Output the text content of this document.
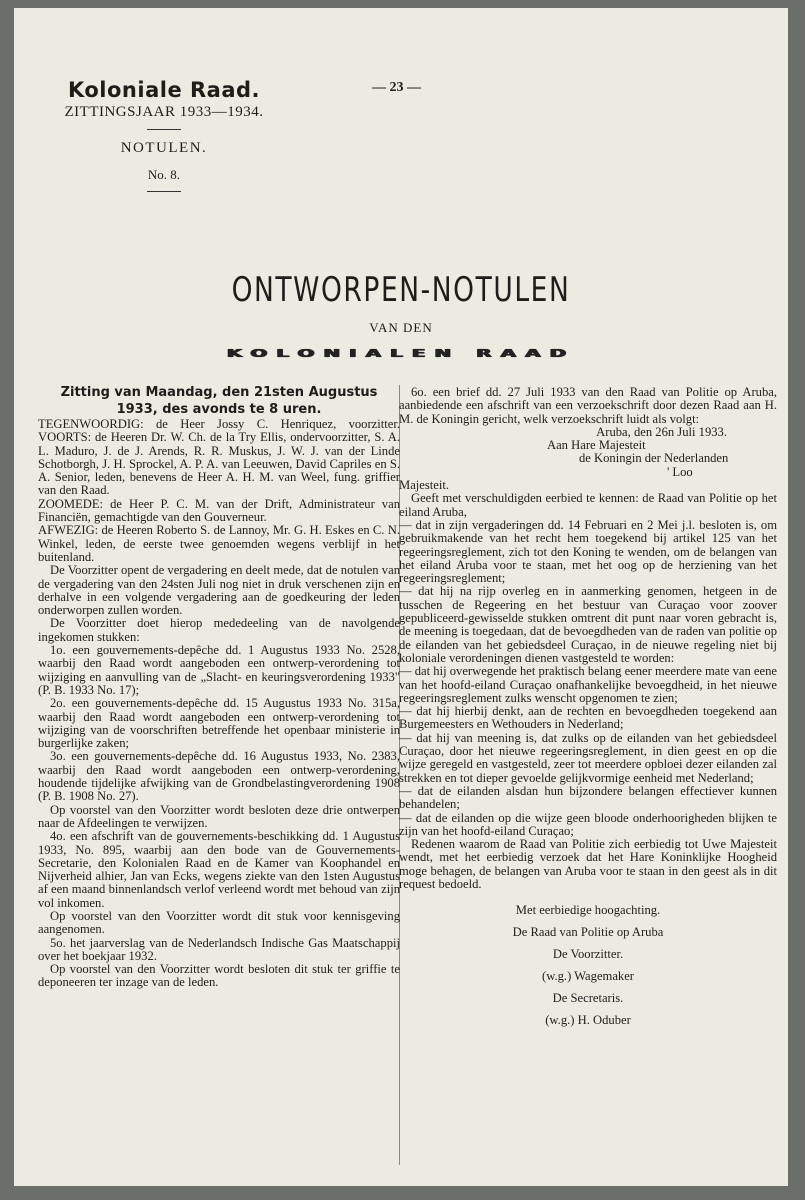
Koloniale Raad.
ZITTINGSJAAR 1933—1934.
NOTULEN.
No. 8.
— 23 —
ONTWORPEN-NOTULEN
VAN DEN
KOLONIALEN RAAD

Zitting van Maandag, den 21sten Augustus 1933, des avonds te 8 uren.

TEGENWOORDIG: de Heer Jossy C. Henriquez, voorzitter. VOORTS: de Heeren Dr. W. Ch. de la Try Ellis, ondervoorzitter, S. A. L. Maduro, J. de J. Arends, R. R. Muskus, J. W. J. van der Linde Schotborgh, J. H. Sprockel, A. P. A. van Leeuwen, David Capriles en S. A. Senior, leden, benevens de Heer A. H. M. van Weel, fung. griffier van den Raad.

ZOOMEDE: de Heer P. C. M. van der Drift, Administrateur van Financiën, gemachtigde van den Gouverneur.

AFWEZIG: de Heeren Roberto S. de Lannoy, Mr. G. H. Eskes en C. N. Winkel, leden, de eerste twee genoemden wegens verblijf in het buitenland.

De Voorzitter opent de vergadering en deelt mede, dat de notulen van de vergadering van den 24sten Juli nog niet in druk verschenen zijn en derhalve in een volgende vergadering aan de goedkeuring der leden onderworpen zullen worden.

De Voorzitter doet hierop mededeeling van de navolgende ingekomen stukken:

1o. een gouvernements-depêche dd. 1 Augustus 1933 No. 2528, waarbij den Raad wordt aangeboden een ontwerp-verordening tot wijziging en aanvulling van de „Slacht- en keuringsverordening 1933" (P. B. 1933 No. 17);

2o. een gouvernements-depêche dd. 15 Augustus 1933 No. 315a, waarbij den Raad wordt aangeboden een ontwerp-verordening tot wijziging van de voorschriften betreffende het openbaar ministerie in burgerlijke zaken;

3o. een gouvernements-depêche dd. 16 Augustus 1933, No. 2383, waarbij den Raad wordt aangeboden een ontwerp-verordening, houdende tijdelijke afwijking van de Grondbelastingverordening 1908 (P. B. 1908 No. 27).

Op voorstel van den Voorzitter wordt besloten deze drie ontwerpen naar de Afdeelingen te verwijzen.

4o. een afschrift van de gouvernements-beschikking dd. 1 Augustus 1933, No. 895, waarbij aan den bode van de Gouvernements-Secretarie, den Kolonialen Raad en de Kamer van Koophandel en Nijverheid alhier, Jan van Ecks, wegens ziekte van den 1sten Augustus af een maand binnenlandsch verlof verleend wordt met behoud van zijn vol inkomen.

Op voorstel van den Voorzitter wordt dit stuk voor kennisgeving aangenomen.

5o. het jaarverslag van de Nederlandsch Indische Gas Maatschappij over het boekjaar 1932.

Op voorstel van den Voorzitter wordt besloten dit stuk ter griffie te deponeeren ter inzage van de leden.

6o. een brief dd. 27 Juli 1933 van den Raad van Politie op Aruba, aanbiedende een afschrift van een verzoekschrift door dezen Raad aan H. M. de Koningin gericht, welk verzoekschrift luidt als volgt:

Aruba, den 26n Juli 1933.

Aan Hare Majesteit

de Koningin der Nederlanden

' Loo

Majesteit.

Geeft met verschuldigden eerbied te kennen: de Raad van Politie op het eiland Aruba,

— dat in zijn vergaderingen dd. 14 Februari en 2 Mei j.l. besloten is, om gebruikmakende van het recht hem toegekend bij artikel 125 van het regeeringsreglement, zich tot den Koning te wenden, om de belangen van het eiland Aruba voor te staan, met het oog op de herziening van het regeeringsreglement;

— dat hij na rijp overleg en in aanmerking genomen, hetgeen in de tusschen de Regeering en het bestuur van Curaçao voor zoover gepubliceerd-gewisselde stukken omtrent dit punt naar voren gebracht is, de meening is toegedaan, dat de bevoegdheden van de raden van politie op de eilanden van het gebiedsdeel Curaçao, in de nieuwe regeling niet bij koloniale verordeningen dienen vastgesteld te worden:

— dat hij overwegende het praktisch belang eener meerdere mate van eene van het hoofd-eiland Curaçao onafhankelijke bevoegdheid, in het nieuwe regeeringsreglement zulks wenscht opgenomen te zien;

— dat hij hierbij denkt, aan de rechten en bevoegdheden toegekend aan Burgemeesters en Wethouders in Nederland;

— dat hij van meening is, dat zulks op de eilanden van het gebiedsdeel Curaçao, door het nieuwe regeeringsreglement, in dien geest en op die wijze geregeld en vastgesteld, zeer tot meerdere opbloei dezer eilanden zal strekken en tot dieper gevoelde gelijkvormige eenheid met Nederland;

— dat de eilanden alsdan hun bijzondere belangen effectiever kunnen behandelen;

— dat de eilanden op die wijze geen bloode onderhoorigheden blijken te zijn van het hoofd-eiland Curaçao;

Redenen waarom de Raad van Politie zich eerbiedig tot Uwe Majesteit wendt, met het eerbiedig verzoek dat het Hare Koninklijke Hoogheid moge behagen, de belangen van Aruba voor te staan in den geest als in dit request bedoeld.

Met eerbiedige hoogachting.

De Raad van Politie op Aruba

De Voorzitter.

(w.g.) Wagemaker

De Secretaris.

(w.g.) H. Oduber
